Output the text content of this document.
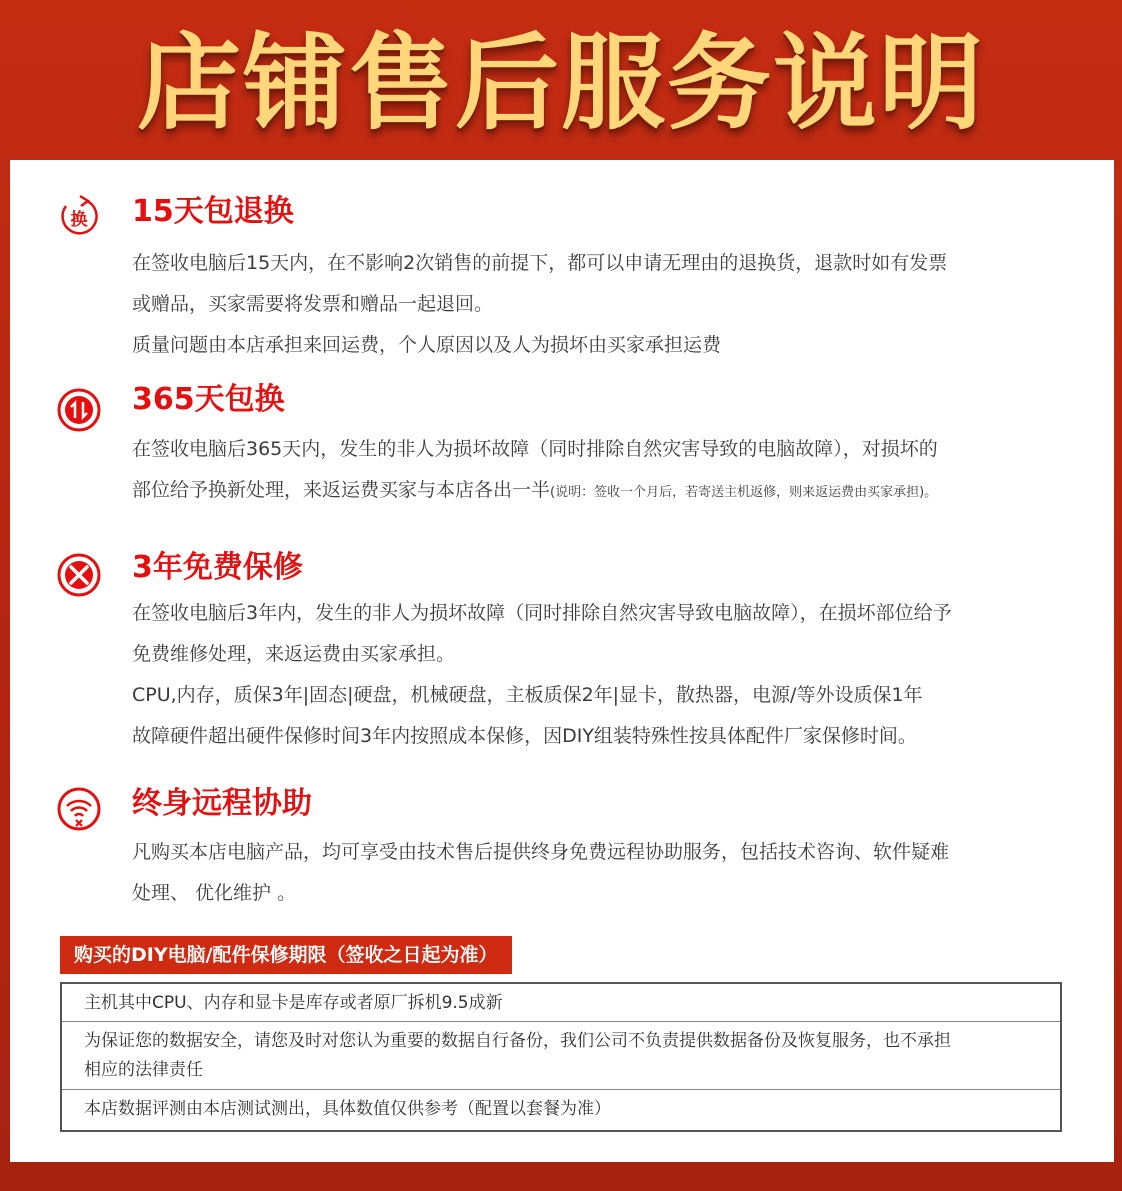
店铺售后服务说明
换 15天包退换
在签收电脑后15天内，在不影响2次销售的前提下，都可以申请无理由的退换货，退款时如有发票
或赠品，买家需要将发票和赠品一起退回。
质量问题由本店承担来回运费，个人原因以及人为损坏由买家承担运费
365天包换
在签收电脑后365天内，发生的非人为损坏故障（同时排除自然灾害导致的电脑故障），对损坏的
部位给予换新处理，来返运费买家与本店各出一半(说明：签收一个月后，若寄送主机返修，则来返运费由买家承担)。
3年免费保修
在签收电脑后3年内，发生的非人为损坏故障（同时排除自然灾害导致电脑故障），在损坏部位给予
免费维修处理，来返运费由买家承担。
CPU,内存，质保3年|固态|硬盘，机械硬盘，主板质保2年|显卡，散热器，电源/等外设质保1年
故障硬件超出硬件保修时间3年内按照成本保修，因DIY组装特殊性按具体配件厂家保修时间。
终身远程协助
凡购买本店电脑产品，均可享受由技术售后提供终身免费远程协助服务，包括技术咨询、软件疑难
处理、 优化维护 。
购买的DIY电脑/配件保修期限（签收之日起为准）
主机其中CPU、内存和显卡是库存或者原厂拆机9.5成新
为保证您的数据安全，请您及时对您认为重要的数据自行备份，我们公司不负责提供数据备份及恢复服务，也不承担
相应的法律责任
本店数据评测由本店测试测出，具体数值仅供参考（配置以套餐为准）
